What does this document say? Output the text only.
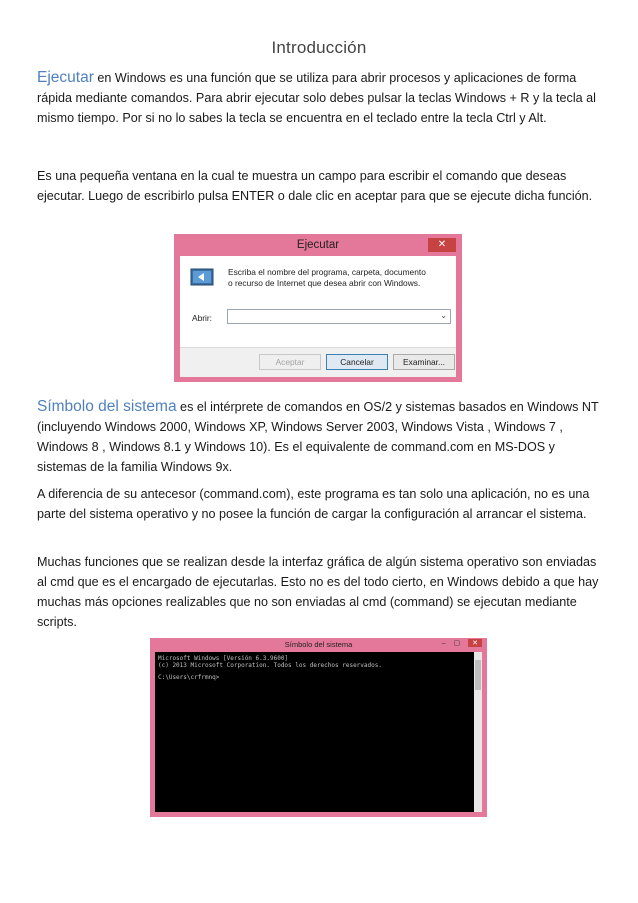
Introducción
Ejecutar en Windows es una función que se utiliza para abrir procesos y aplicaciones de forma rápida mediante comandos. Para abrir ejecutar solo debes pulsar la teclas Windows + R y la tecla al mismo tiempo. Por si no lo sabes la tecla se encuentra en el teclado entre la tecla Ctrl y Alt.
Es una pequeña ventana en la cual te muestra un campo para escribir el comando que deseas ejecutar. Luego de escribirlo pulsa ENTER o dale clic en aceptar para que se ejecute dicha función.
Ejecutar	✕
Escriba el nombre del programa, carpeta, documento o recurso de Internet que desea abrir con Windows.
Abrir:	⌄
Aceptar	Cancelar	Examinar...
Símbolo del sistema es el intérprete de comandos en OS/2 y sistemas basados en Windows NT (incluyendo Windows 2000, Windows XP, Windows Server 2003, Windows Vista , Windows 7 , Windows 8 , Windows 8.1 y Windows 10). Es el equivalente de command.com en MS-DOS y sistemas de la familia Windows 9x.
A diferencia de su antecesor (command.com), este programa es tan solo una aplicación, no es una parte del sistema operativo y no posee la función de cargar la configuración al arrancar el sistema.
Muchas funciones que se realizan desde la interfaz gráfica de algún sistema operativo son enviadas al cmd que es el encargado de ejecutarlas. Esto no es del todo cierto, en Windows debido a que hay muchas más opciones realizables que no son enviadas al cmd (command) se ejecutan mediante scripts.
Símbolo del sistema	– ▢ ✕
Microsoft Windows [Versión 6.3.9600]
(c) 2013 Microsoft Corporation. Todos los derechos reservados.
C:\Users\crfrmnq>
